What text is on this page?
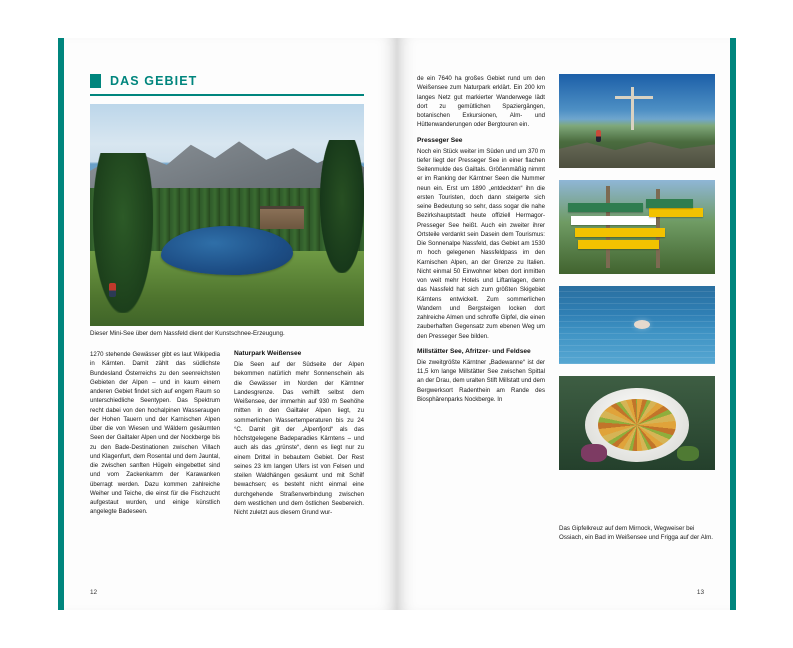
DAS GEBIET
Dieser Mini-See über dem Nassfeld dient der Kunstschnee-Erzeugung.
1270 stehende Gewässer gibt es laut Wikipedia in Kärnten. Damit zählt das südlichste Bundesland Österreichs zu den seenreichsten Gebieten der Alpen – und in kaum einem anderen Gebiet findet sich auf engem Raum so unterschiedliche Seentypen. Das Spektrum recht dabei von den hochalpinen Wasseraugen der Hohen Tauern und der Karnischen Alpen über die von Wiesen und Wäldern gesäumten Seen der Gailtaler Alpen und der Nockberge bis zu den Bade-Destinationen zwischen Villach und Klagenfurt, dem Rosental und dem Jauntal, die zwischen sanften Hügeln eingebettet sind und vom Zackenkamm der Karawanken überragt werden. Dazu kommen zahlreiche Weiher und Teiche, die einst für die Fischzucht aufgestaut wurden, und einige künstlich angelegte Badeseen.
Naturpark Weißensee
Die Seen auf der Südseite der Alpen bekommen natürlich mehr Sonnenschein als die Gewässer im Norden der Kärntner Landesgrenze. Das verhilft selbst dem Weißensee, der immerhin auf 930 m Seehöhe mitten in den Gailtaler Alpen liegt, zu sommerlichen Wassertemperaturen bis zu 24 °C. Damit gilt der „Alpenfjord“ als das höchstgelegene Badeparadies Kärntens – und auch als das „grünste“, denn es liegt nur zu einem Drittel in bebautem Gebiet. Der Rest seines 23 km langen Ufers ist von Felsen und steilen Waldhängen gesäumt und mit Schilf bewachsen; es besteht nicht einmal eine durchgehende Straßenverbindung zwischen dem westlichen und dem östlichen Seebereich. Nicht zuletzt aus diesem Grund wur-
12
de ein 7640 ha großes Gebiet rund um den Weißensee zum Naturpark erklärt. Ein 200 km langes Netz gut markierter Wanderwege lädt dort zu gemütlichen Spaziergängen, botanischen Exkursionen, Alm- und Hüttenwanderungen oder Bergtouren ein.
Presseger See
Noch ein Stück weiter im Süden und um 370 m tiefer liegt der Presseger See in einer flachen Seitenmulde des Gailtals. Größenmäßig nimmt er im Ranking der Kärntner Seen die Nummer neun ein. Erst um 1890 „entdeckten“ ihn die ersten Touristen, doch dann steigerte sich seine Bedeutung so sehr, dass sogar die nahe Bezirkshauptstadt heute offiziell Hermagor-Presseger See heißt. Auch ein zweiter ihrer Ortsteile verdankt sein Dasein dem Tourismus: Die Sonnenalpe Nassfeld, das Gebiet am 1530 m hoch gelegenen Nassfeldpass im den Karnischen Alpen, an der Grenze zu Italien. Nicht einmal 50 Einwohner leben dort inmitten von weit mehr Hotels und Liftanlagen, denn das Nassfeld hat sich zum größten Skigebiet Kärntens entwickelt. Zum sommerlichen Wandern und Bergsteigen locken dort zahlreiche Almen und schroffe Gipfel, die einen zauberhaften Gegensatz zum ebenen Weg um den Presseger See bilden.
Millstätter See, Afritzer- und Feldsee
Die zweitgrößte Kärntner „Badewanne“ ist der 11,5 km lange Millstätter See zwischen Spittal an der Drau, dem uralten Stift Millstatt und dem Bergwerksort Radenthein am Rande des Biosphärenparks Nockberge. In
Das Gipfelkreuz auf dem Mirnock, Wegweiser bei Ossiach, ein Bad im Weißensee und Frigga auf der Alm.
13
